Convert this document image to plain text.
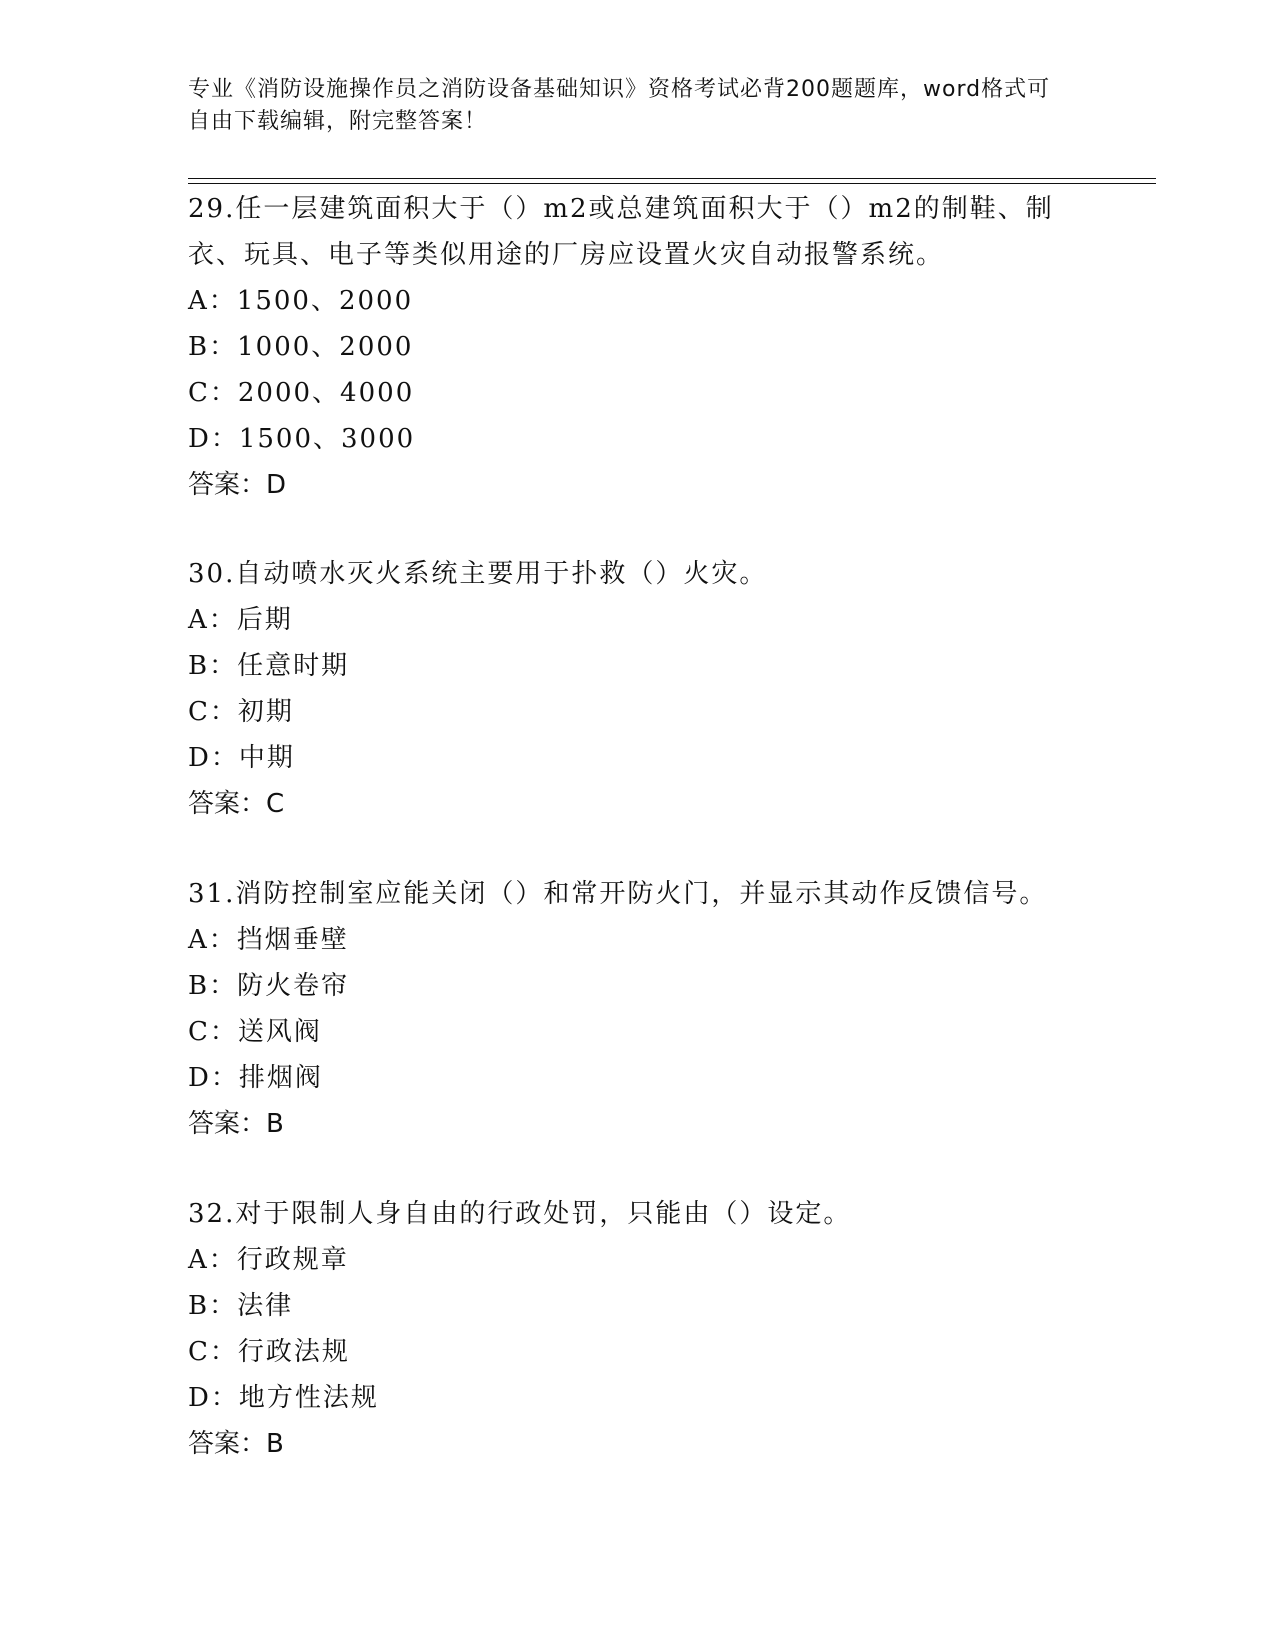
专业《消防设施操作员之消防设备基础知识》资格考试必背200题题库，word格式可自由下载编辑，附完整答案！

29.任一层建筑面积大于（）m2或总建筑面积大于（）m2的制鞋、制衣、玩具、电子等类似用途的厂房应设置火灾自动报警系统。

A：1500、2000

B：1000、2000

C：2000、4000

D：1500、3000

答案：D

30.自动喷水灭火系统主要用于扑救（）火灾。

A：后期

B：任意时期

C：初期

D：中期

答案：C

31.消防控制室应能关闭（）和常开防火门，并显示其动作反馈信号。

A：挡烟垂壁

B：防火卷帘

C：送风阀

D：排烟阀

答案：B

32.对于限制人身自由的行政处罚，只能由（）设定。

A：行政规章

B：法律

C：行政法规

D：地方性法规

答案：B
